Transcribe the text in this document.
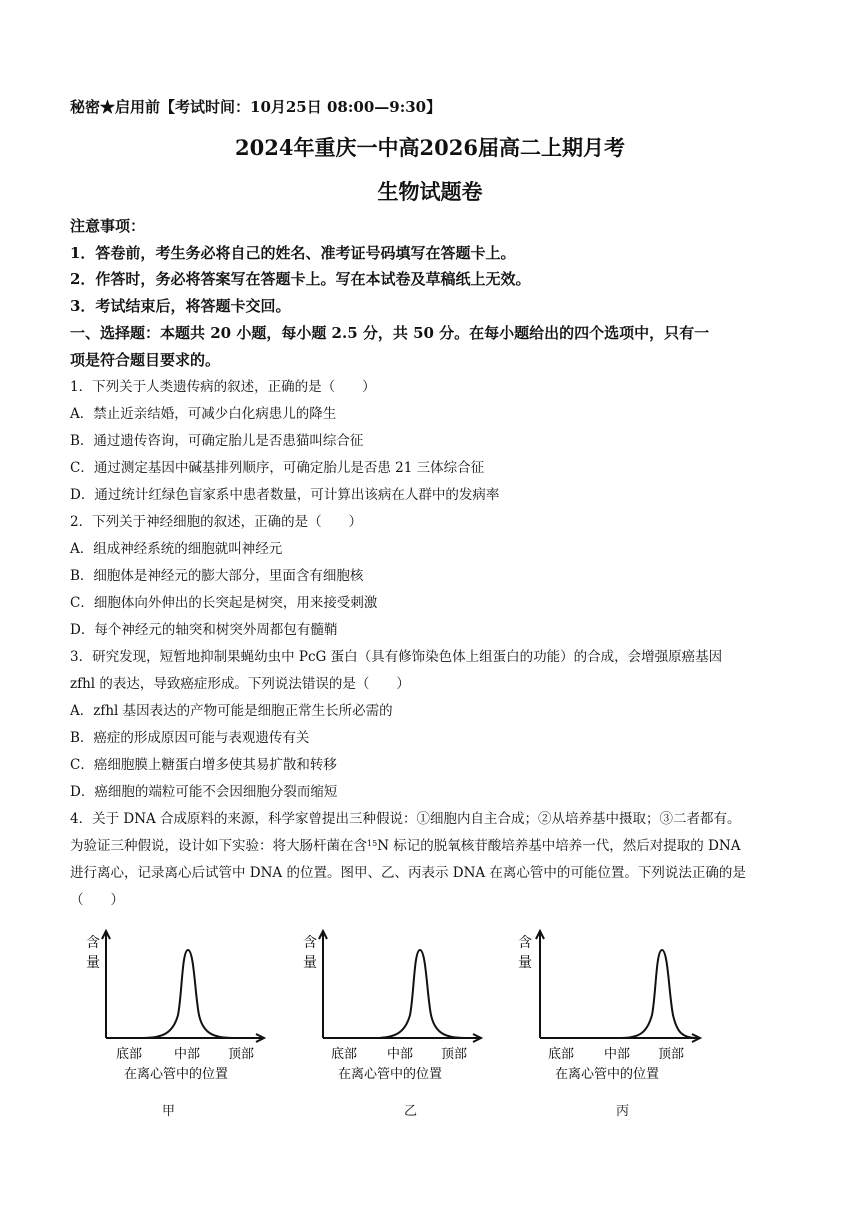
秘密★启用前【考试时间：10月25日 08:00—9:30】
2024年重庆一中高2026届高二上期月考
生物试题卷
注意事项：
1．答卷前，考生务必将自己的姓名、准考证号码填写在答题卡上。
2．作答时，务必将答案写在答题卡上。写在本试卷及草稿纸上无效。
3．考试结束后，将答题卡交回。
一、选择题：本题共 20 小题，每小题 2.5 分，共 50 分。在每小题给出的四个选项中，只有一
项是符合题目要求的。
1．下列关于人类遗传病的叙述，正确的是（　　）
A．禁止近亲结婚，可减少白化病患儿的降生
B．通过遗传咨询，可确定胎儿是否患猫叫综合征
C．通过测定基因中碱基排列顺序，可确定胎儿是否患 21 三体综合征
D．通过统计红绿色盲家系中患者数量，可计算出该病在人群中的发病率
2．下列关于神经细胞的叙述，正确的是（　　）
A．组成神经系统的细胞就叫神经元
B．细胞体是神经元的膨大部分，里面含有细胞核
C．细胞体向外伸出的长突起是树突，用来接受刺激
D．每个神经元的轴突和树突外周都包有髓鞘
3．研究发现，短暂地抑制果蝇幼虫中 PcG 蛋白（具有修饰染色体上组蛋白的功能）的合成，会增强原癌基因
zfhl 的表达，导致癌症形成。下列说法错误的是（　　）
A．zfhl 基因表达的产物可能是细胞正常生长所必需的
B．癌症的形成原因可能与表观遗传有关
C．癌细胞膜上糖蛋白增多使其易扩散和转移
D．癌细胞的端粒可能不会因细胞分裂而缩短
4．关于 DNA 合成原料的来源，科学家曾提出三种假说：①细胞内自主合成；②从培养基中摄取；③二者都有。
为验证三种假说，设计如下实验：将大肠杆菌在含$^{15}$N 标记的脱氧核苷酸培养基中培养一代，然后对提取的 DNA
进行离心，记录离心后试管中 DNA 的位置。图甲、乙、丙表示 DNA 在离心管中的可能位置。下列说法正确的是
（　　）
含
量
底部 中部 顶部
在离心管中的位置
甲
含
量
底部 中部 顶部
在离心管中的位置
乙
含
量
底部 中部 顶部
在离心管中的位置
丙
